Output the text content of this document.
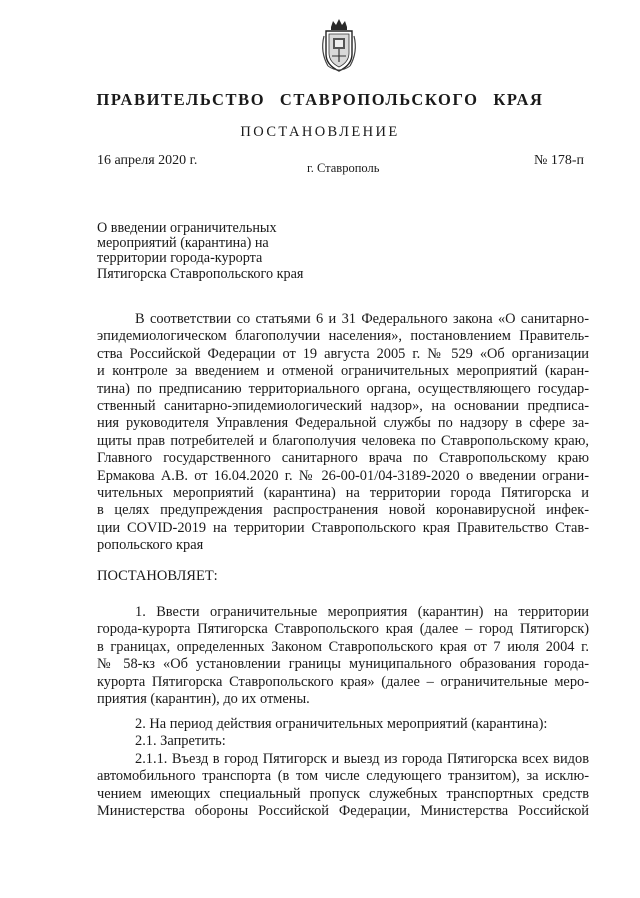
ПРАВИТЕЛЬСТВО СТАВРОПОЛЬСКОГО КРАЯ
ПОСТАНОВЛЕНИЕ
16 апреля 2020 г.	г. Ставрополь	№ 178-п
О введении ограничительных
мероприятий (карантина) на
территории города-курорта
Пятигорска Ставропольского края
В соответствии со статьями 6 и 31 Федерального закона «О санитарно-
эпидемиологическом благополучии населения», постановлением Правитель-
ства Российской Федерации от 19 августа 2005 г. № 529 «Об организации
и контроле за введением и отменой ограничительных мероприятий (каран-
тина) по предписанию территориального органа, осуществляющего государ-
ственный санитарно-эпидемиологический надзор», на основании предписа-
ния руководителя Управления Федеральной службы по надзору в сфере за-
щиты прав потребителей и благополучия человека по Ставропольскому краю,
Главного государственного санитарного врача по Ставропольскому краю
Ермакова А.В. от 16.04.2020 г. № 26-00-01/04-3189-2020 о введении ограни-
чительных мероприятий (карантина) на территории города Пятигорска и
в целях предупреждения распространения новой коронавирусной инфек-
ции COVID-2019 на территории Ставропольского края Правительство Став-
ропольского края
ПОСТАНОВЛЯЕТ:
1. Ввести ограничительные мероприятия (карантин) на территории
города-курорта Пятигорска Ставропольского края (далее – город Пятигорск)
в границах, определенных Законом Ставропольского края от 7 июля 2004 г.
№ 58-кз «Об установлении границы муниципального образования города-
курорта Пятигорска Ставропольского края» (далее – ограничительные меро-
приятия (карантин), до их отмены.
2. На период действия ограничительных мероприятий (карантина):
2.1. Запретить:
2.1.1. Въезд в город Пятигорск и выезд из города Пятигорска всех видов
автомобильного транспорта (в том числе следующего транзитом), за исклю-
чением имеющих специальный пропуск служебных транспортных средств
Министерства обороны Российской Федерации, Министерства Российской
